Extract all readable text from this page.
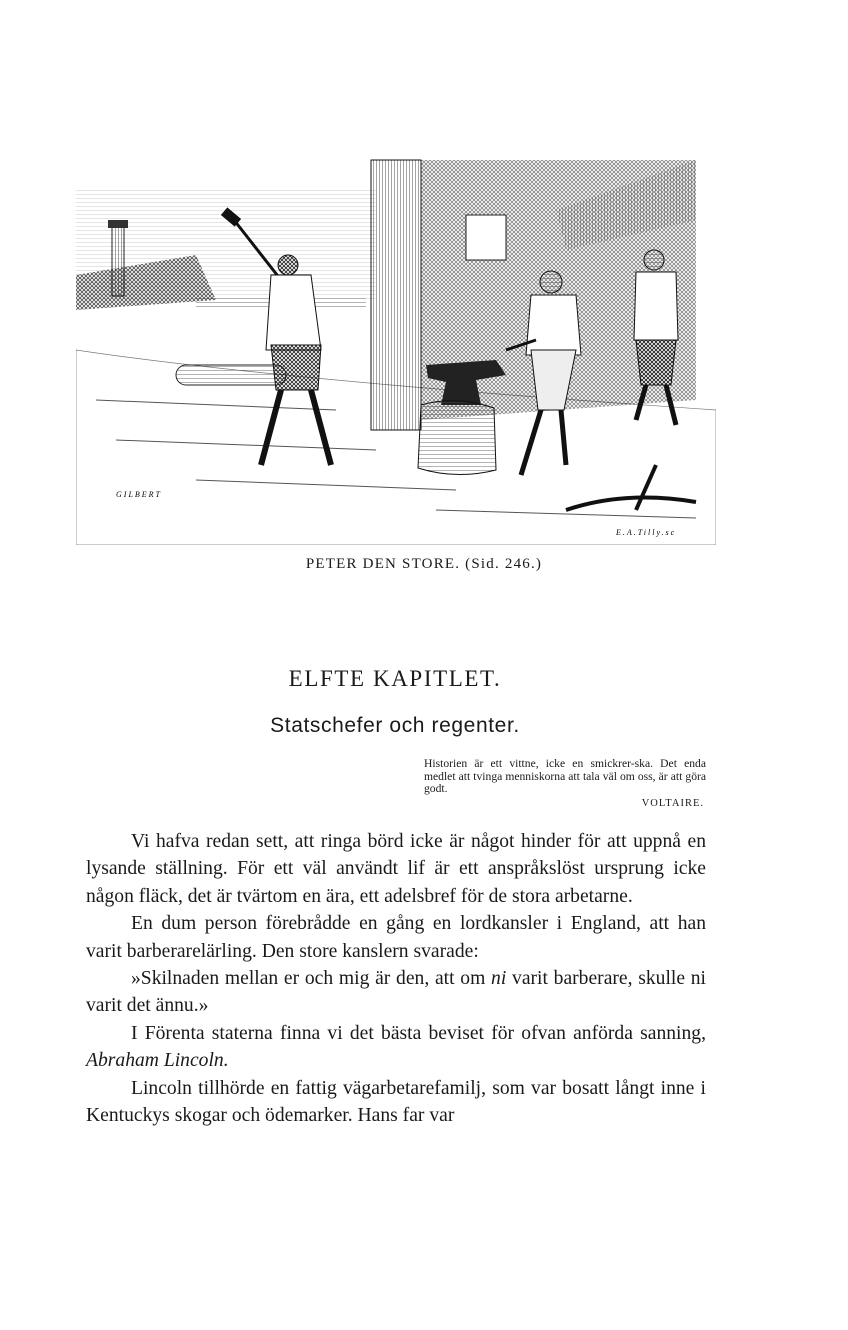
GILBERT
E.A.Tilly.sc
PETER DEN STORE. (Sid. 246.)
ELFTE KAPITLET.
Statschefer och regenter.
Historien är ett vittne, icke en smickrer-ska. Det enda medlet att tvinga menniskorna att tala väl om oss, är att göra godt.
VOLTAIRE.

Vi hafva redan sett, att ringa börd icke är något hinder för att uppnå en lysande ställning. För ett väl användt lif är ett anspråkslöst ursprung icke någon fläck, det är tvärtom en ära, ett adelsbref för de stora arbetarne.

En dum person förebrådde en gång en lordkansler i England, att han varit barberarelärling. Den store kanslern svarade:

»Skilnaden mellan er och mig är den, att om ni varit barberare, skulle ni varit det ännu.»

I Förenta staterna finna vi det bästa beviset för ofvan anförda sanning, Abraham Lincoln.

Lincoln tillhörde en fattig vägarbetarefamilj, som var bosatt långt inne i Kentuckys skogar och ödemarker. Hans far var
